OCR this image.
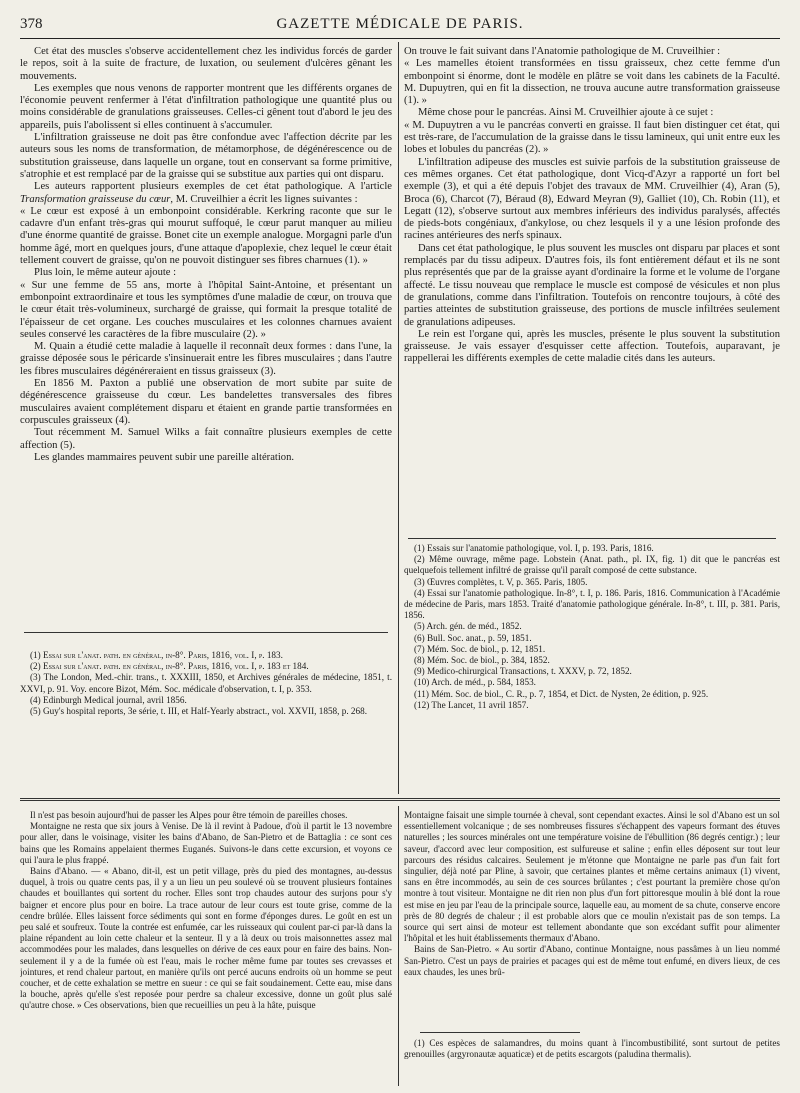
378	GAZETTE MÉDICALE DE PARIS.

Cet état des muscles s'observe accidentellement chez les individus forcés de garder le repos, soit à la suite de fracture, de luxation, ou seulement d'ulcères gênant les mouvements.

Les exemples que nous venons de rapporter montrent que les différents organes de l'économie peuvent renfermer à l'état d'infiltration pathologique une quantité plus ou moins considérable de granulations graisseuses. Celles-ci gênent tout d'abord le jeu des appareils, puis l'abolissent si elles continuent à s'accumuler.

L'infiltration graisseuse ne doit pas être confondue avec l'affection décrite par les auteurs sous les noms de transformation, de métamorphose, de dégénérescence ou de substitution graisseuse, dans laquelle un organe, tout en conservant sa forme primitive, s'atrophie et est remplacé par de la graisse qui se substitue aux parties qui ont disparu.

Les auteurs rapportent plusieurs exemples de cet état pathologique. A l'article Transformation graisseuse du cœur, M. Cruveilhier a écrit les lignes suivantes :

« Le cœur est exposé à un embonpoint considérable. Kerkring raconte que sur le cadavre d'un enfant très-gras qui mourut suffoqué, le cœur parut manquer au milieu d'une énorme quantité de graisse. Bonet cite un exemple analogue. Morgagni parle d'un homme âgé, mort en quelques jours, d'une attaque d'apoplexie, chez lequel le cœur était tellement couvert de graisse, qu'on ne pouvoit distinguer ses fibres charnues (1). »

Plus loin, le même auteur ajoute :

« Sur une femme de 55 ans, morte à l'hôpital Saint-Antoine, et présentant un embonpoint extraordinaire et tous les symptômes d'une maladie de cœur, on trouva que le cœur était très-volumineux, surchargé de graisse, qui formait la presque totalité de l'épaisseur de cet organe. Les couches musculaires et les colonnes charnues avaient seules conservé les caractères de la fibre musculaire (2). »

M. Quain a étudié cette maladie à laquelle il reconnaît deux formes : dans l'une, la graisse déposée sous le péricarde s'insinuerait entre les fibres musculaires ; dans l'autre les fibres musculaires dégénéreraient en tissus graisseux (3).

En 1856 M. Paxton a publié une observation de mort subite par suite de dégénérescence graisseuse du cœur. Les bandelettes transversales des fibres musculaires avaient complétement disparu et étaient en grande partie transformées en corpuscules graisseux (4).

Tout récemment M. Samuel Wilks a fait connaître plusieurs exemples de cette affection (5).

Les glandes mammaires peuvent subir une pareille altération.

(1) Essai sur l'anat. path. en général, in-8°. Paris, 1816, vol. I, p. 183.

(2) Essai sur l'anat. path. en général, in-8°. Paris, 1816, vol. I, p. 183 et 184.

(3) The London, Med.-chir. trans., t. XXXIII, 1850, et Archives générales de médecine, 1851, t. XXVI, p. 91. Voy. encore Bizot, Mém. Soc. médicale d'observation, t. I, p. 353.

(4) Edinburgh Medical journal, avril 1856.

(5) Guy's hospital reports, 3e série, t. III, et Half-Yearly abstract., vol. XXVII, 1858, p. 268.

On trouve le fait suivant dans l'Anatomie pathologique de M. Cruveilhier :

« Les mamelles étoient transformées en tissu graisseux, chez cette femme d'un embonpoint si énorme, dont le modèle en plâtre se voit dans les cabinets de la Faculté. M. Dupuytren, qui en fit la dissection, ne trouva aucune autre transformation graisseuse (1). »

Même chose pour le pancréas. Ainsi M. Cruveilhier ajoute à ce sujet :

« M. Dupuytren a vu le pancréas converti en graisse. Il faut bien distinguer cet état, qui est très-rare, de l'accumulation de la graisse dans le tissu lamineux, qui unit entre eux les lobes et lobules du pancréas (2). »

L'infiltration adipeuse des muscles est suivie parfois de la substitution graisseuse de ces mêmes organes. Cet état pathologique, dont Vicq-d'Azyr a rapporté un fort bel exemple (3), et qui a été depuis l'objet des travaux de MM. Cruveilhier (4), Aran (5), Broca (6), Charcot (7), Béraud (8), Edward Meyran (9), Galliet (10), Ch. Robin (11), et Legatt (12), s'observe surtout aux membres inférieurs des individus paralysés, affectés de pieds-bots congéniaux, d'ankylose, ou chez lesquels il y a une lésion profonde des racines antérieures des nerfs spinaux.

Dans cet état pathologique, le plus souvent les muscles ont disparu par places et sont remplacés par du tissu adipeux. D'autres fois, ils font entièrement défaut et ils ne sont plus représentés que par de la graisse ayant d'ordinaire la forme et le volume de l'organe affecté. Le tissu nouveau que remplace le muscle est composé de vésicules et non plus de granulations, comme dans l'infiltration. Toutefois on rencontre toujours, à côté des parties atteintes de substitution graisseuse, des portions de muscle infiltrées seulement de granulations adipeuses.

Le rein est l'organe qui, après les muscles, présente le plus souvent la substitution graisseuse. Je vais essayer d'esquisser cette affection. Toutefois, auparavant, je rappellerai les différents exemples de cette maladie cités dans les auteurs.

(1) Essais sur l'anatomie pathologique, vol. I, p. 193. Paris, 1816.

(2) Même ouvrage, même page. Lobstein (Anat. path., pl. IX, fig. 1) dit que le pancréas est quelquefois tellement infiltré de graisse qu'il paraît composé de cette substance.

(3) Œuvres complètes, t. V, p. 365. Paris, 1805.

(4) Essai sur l'anatomie pathologique. In-8°, t. I, p. 186. Paris, 1816. Communication à l'Académie de médecine de Paris, mars 1853. Traité d'anatomie pathologique générale. In-8°, t. III, p. 381. Paris, 1856.

(5) Arch. gén. de méd., 1852.

(6) Bull. Soc. anat., p. 59, 1851.

(7) Mém. Soc. de biol., p. 12, 1851.

(8) Mém. Soc. de biol., p. 384, 1852.

(9) Medico-chirurgical Transactions, t. XXXV, p. 72, 1852.

(10) Arch. de méd., p. 584, 1853.

(11) Mém. Soc. de biol., C. R., p. 7, 1854, et Dict. de Nysten, 2e édition, p. 925.

(12) The Lancet, 11 avril 1857.

Il n'est pas besoin aujourd'hui de passer les Alpes pour être témoin de pareilles choses.

Montaigne ne resta que six jours à Venise. De là il revint à Padoue, d'où il partit le 13 novembre pour aller, dans le voisinage, visiter les bains d'Abano, de San-Pietro et de Battaglia : ce sont ces bains que les Romains appelaient thermes Euganés. Suivons-le dans cette excursion, et voyons ce qui l'aura le plus frappé.

Bains d'Abano. — « Abano, dit-il, est un petit village, près du pied des montagnes, au-dessus duquel, à trois ou quatre cents pas, il y a un lieu un peu soulevé où se trouvent plusieurs fontaines chaudes et bouillantes qui sortent du rocher. Elles sont trop chaudes autour des surjons pour s'y baigner et encore plus pour en boire. La trace autour de leur cours est toute grise, comme de la cendre brûlée. Elles laissent force sédiments qui sont en forme d'éponges dures. Le goût en est un peu salé et soufreux. Toute la contrée est enfumée, car les ruisseaux qui coulent par-ci par-là dans la plaine répandent au loin cette chaleur et la senteur. Il y a là deux ou trois maisonnettes assez mal accommodées pour les malades, dans lesquelles on dérive de ces eaux pour en faire des bains. Non-seulement il y a de la fumée où est l'eau, mais le rocher même fume par toutes ses crevasses et jointures, et rend chaleur partout, en manière qu'ils ont percé aucuns endroits où un homme se peut coucher, et de cette exhalation se mettre en sueur : ce qui se fait soudainement. Cette eau, mise dans la bouche, après qu'elle s'est reposée pour perdre sa chaleur excessive, donne un goût plus salé qu'autre chose. » Ces observations, bien que recueillies un peu à la hâte, puisque

Montaigne faisait une simple tournée à cheval, sont cependant exactes. Ainsi le sol d'Abano est un sol essentiellement volcanique ; de ses nombreuses fissures s'échappent des vapeurs formant des étuves naturelles ; les sources minérales ont une température voisine de l'ébullition (86 degrés centigr.) ; leur saveur, d'accord avec leur composition, est sulfureuse et saline ; enfin elles déposent sur tout leur parcours des résidus calcaires. Seulement je m'étonne que Montaigne ne parle pas d'un fait fort singulier, déjà noté par Pline, à savoir, que certaines plantes et même certains animaux (1) vivent, sans en être incommodés, au sein de ces sources brûlantes ; c'est pourtant la première chose qu'on montre à tout visiteur. Montaigne ne dit rien non plus d'un fort pittoresque moulin à blé dont la roue est mise en jeu par l'eau de la principale source, laquelle eau, au moment de sa chute, conserve encore près de 80 degrés de chaleur ; il est probable alors que ce moulin n'existait pas de son temps. La source qui sert ainsi de moteur est tellement abondante que son excédant suffit pour alimenter l'hôpital et les huit établissements thermaux d'Abano.

Bains de San-Pietro. « Au sortir d'Abano, continue Montaigne, nous passâmes à un lieu nommé San-Pietro. C'est un pays de prairies et pacages qui est de même tout enfumé, en divers lieux, de ces eaux chaudes, les unes brû-

(1) Ces espèces de salamandres, du moins quant à l'incombustibilité, sont surtout de petites grenouilles (argyronautæ aquaticæ) et de petits escargots (paludina thermalis).
